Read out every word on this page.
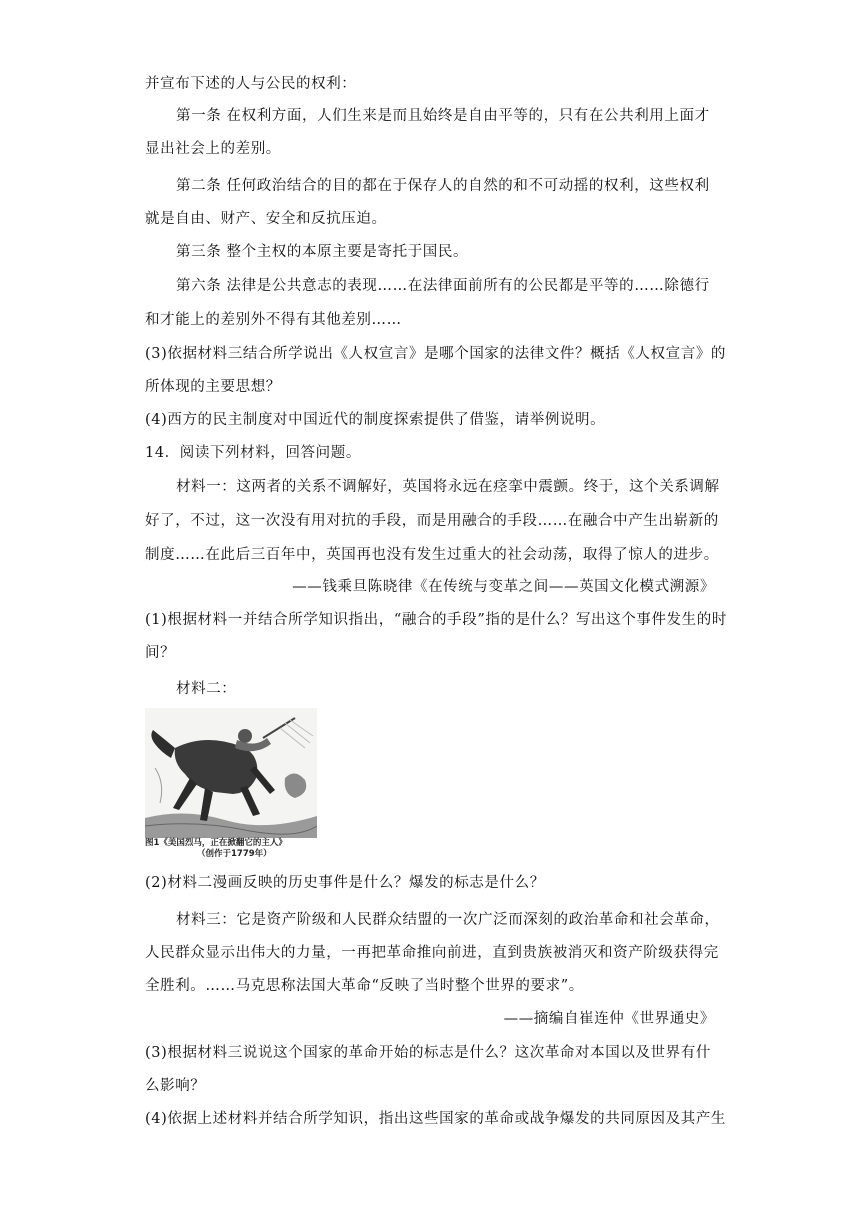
并宣布下述的人与公民的权利：
第一条 在权利方面，人们生来是而且始终是自由平等的，只有在公共利用上面才
显出社会上的差别。
第二条 任何政治结合的目的都在于保存人的自然的和不可动摇的权利，这些权利
就是自由、财产、安全和反抗压迫。
第三条 整个主权的本原主要是寄托于国民。
第六条 法律是公共意志的表现……在法律面前所有的公民都是平等的……除德行
和才能上的差别外不得有其他差别……
(3)依据材料三结合所学说出《人权宣言》是哪个国家的法律文件？概括《人权宣言》的
所体现的主要思想？
(4)西方的民主制度对中国近代的制度探索提供了借鉴，请举例说明。
14．阅读下列材料，回答问题。
材料一：这两者的关系不调解好，英国将永远在痉挛中震颤。终于，这个关系调解
好了，不过，这一次没有用对抗的手段，而是用融合的手段……在融合中产生出崭新的
制度……在此后三百年中，英国再也没有发生过重大的社会动荡，取得了惊人的进步。
——钱乘旦陈晓律《在传统与变革之间——英国文化模式溯源》
(1)根据材料一并结合所学知识指出，“融合的手段”指的是什么？写出这个事件发生的时
间？
材料二：
图1《美国烈马，正在掀翻它的主人》
（创作于1779年）
(2)材料二漫画反映的历史事件是什么？爆发的标志是什么？
材料三：它是资产阶级和人民群众结盟的一次广泛而深刻的政治革命和社会革命，
人民群众显示出伟大的力量，一再把革命推向前进，直到贵族被消灭和资产阶级获得完
全胜利。……马克思称法国大革命“反映了当时整个世界的要求”。
——摘编自崔连仲《世界通史》
(3)根据材料三说说这个国家的革命开始的标志是什么？这次革命对本国以及世界有什
么影响？
(4)依据上述材料并结合所学知识，指出这些国家的革命或战争爆发的共同原因及其产生
